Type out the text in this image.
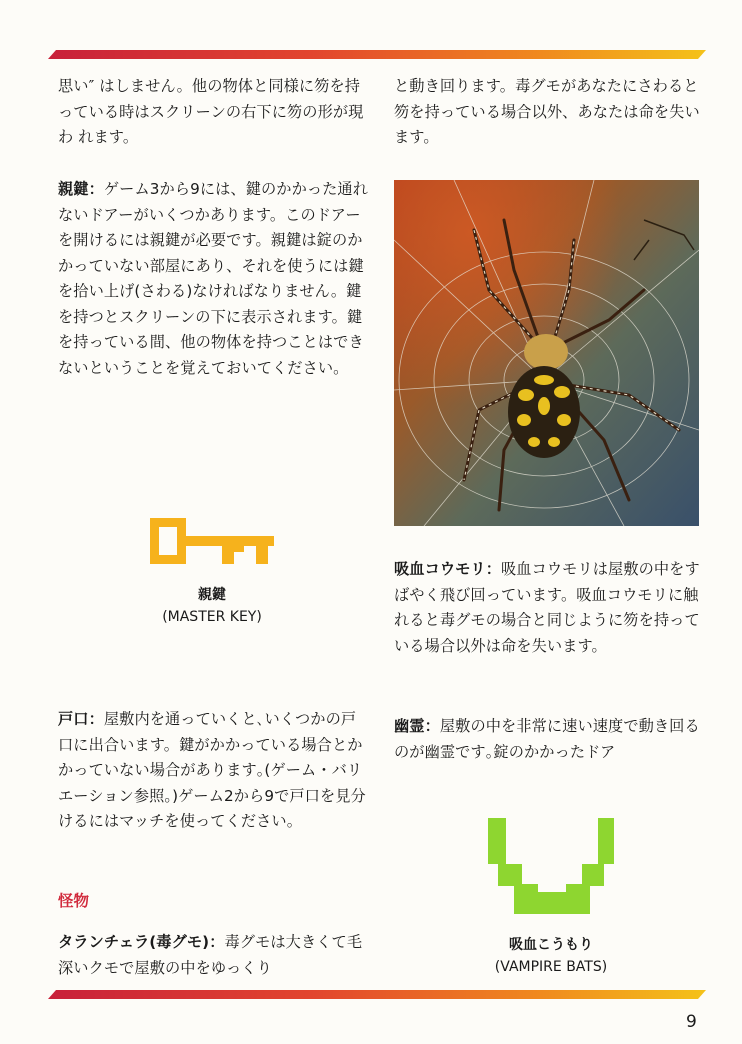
思い″ はしません。他の物体と同様に笏を持っている時はスクリーンの右下に笏の形が現わ れます。

親鍵：ゲーム3から9には、鍵のかかった通れないドアーがいくつかあります。このドアーを開けるには親鍵が必要です。親鍵は錠のかかっていない部屋にあり、それを使うには鍵を拾い上げ(さわる)なければなりません。鍵を持つとスクリーンの下に表示されます。鍵を持っている間、他の物体を持つことはできないということを覚えておいてください。

親鍵
(MASTER KEY)

戸口：屋敷内を通っていくと､いくつかの戸口に出合います。鍵がかかっている場合とかかっていない場合があります｡(ゲーム・バリエーション参照｡)ゲーム2から9で戸口を見分けるにはマッチを使ってください。

怪物

タランチェラ(毒グモ)：毒グモは大きくて毛深いクモで屋敷の中をゆっくり

と動き回ります。毒グモがあなたにさわると笏を持っている場合以外、あなたは命を失います。

吸血コウモリ：吸血コウモリは屋敷の中をすばやく飛び回っています。吸血コウモリに触れると毒グモの場合と同じように笏を持っている場合以外は命を失います。

幽霊：屋敷の中を非常に速い速度で動き回るのが幽霊です｡錠のかかったドア

吸血こうもり
(VAMPIRE BATS)

9
